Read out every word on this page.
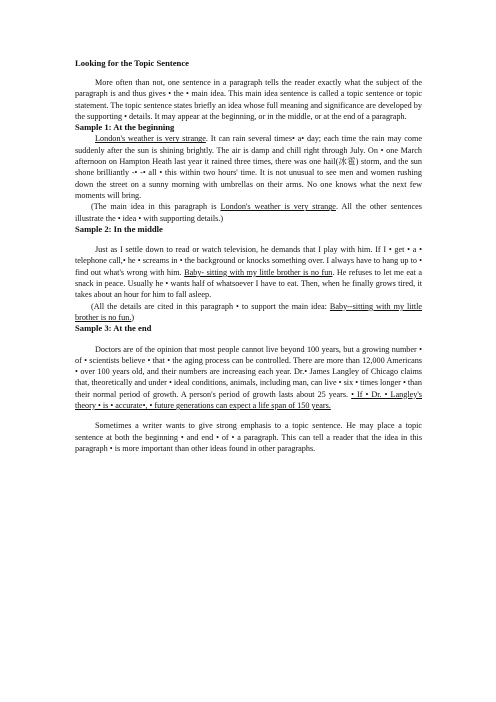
Looking for the Topic Sentence

More often than not, one sentence in a paragraph tells the reader exactly what the subject of the paragraph is and thus gives • the • main idea. This main idea sentence is called a topic sentence or topic statement. The topic sentence states briefly an idea whose full meaning and significance are developed by the supporting • details. It may appear at the beginning, or in the middle, or at the end of a paragraph.

Sample 1: At the beginning

London's weather is very strange. It can rain several times• a• day; each time the rain may come suddenly after the sun is shining brightly. The air is damp and chill right through July. On • one March afternoon on Hampton Heath last year it rained three times, there was one hail(冰雹) storm, and the sun shone brilliantly -• -• all • this within two hours' time. It is not unusual to see men and women rushing down the street on a sunny morning with umbrellas on their arms. No one knows what the next few moments will bring.

(The main idea in this paragraph is London's weather is very strange. All the other sentences illustrate the • idea • with supporting details.)

Sample 2: In the middle

Just as I settle down to read or watch television, he demands that I play with him. If I • get • a • telephone call,• he • screams in • the background or knocks something over. I always have to hang up to • find out what's wrong with him. Baby- sitting with my little brother is no fun. He refuses to let me eat a snack in peace. Usually he • wants half of whatsoever I have to eat. Then, when he finally grows tired, it takes about an hour for him to fall asleep.

(All the details are cited in this paragraph • to support the main idea: Baby--sitting with my little brother is no fun.)

Sample 3: At the end

Doctors are of the opinion that most people cannot live beyond 100 years, but a growing number • of • scientists believe • that • the aging process can be controlled. There are more than 12,000 Americans • over 100 years old, and their numbers are increasing each year. Dr.• James Langley of Chicago claims that, theoretically and under • ideal conditions, animals, including man, can live • six • times longer • than their normal period of growth. A person's period of growth lasts about 25 years. • If • Dr. • Langley's theory • is • accurate•, • future generations can expect a life span of 150 years.

Sometimes a writer wants to give strong emphasis to a topic sentence. He may place a topic sentence at both the beginning • and end • of • a paragraph. This can tell a reader that the idea in this paragraph • is more important than other ideas found in other paragraphs.
